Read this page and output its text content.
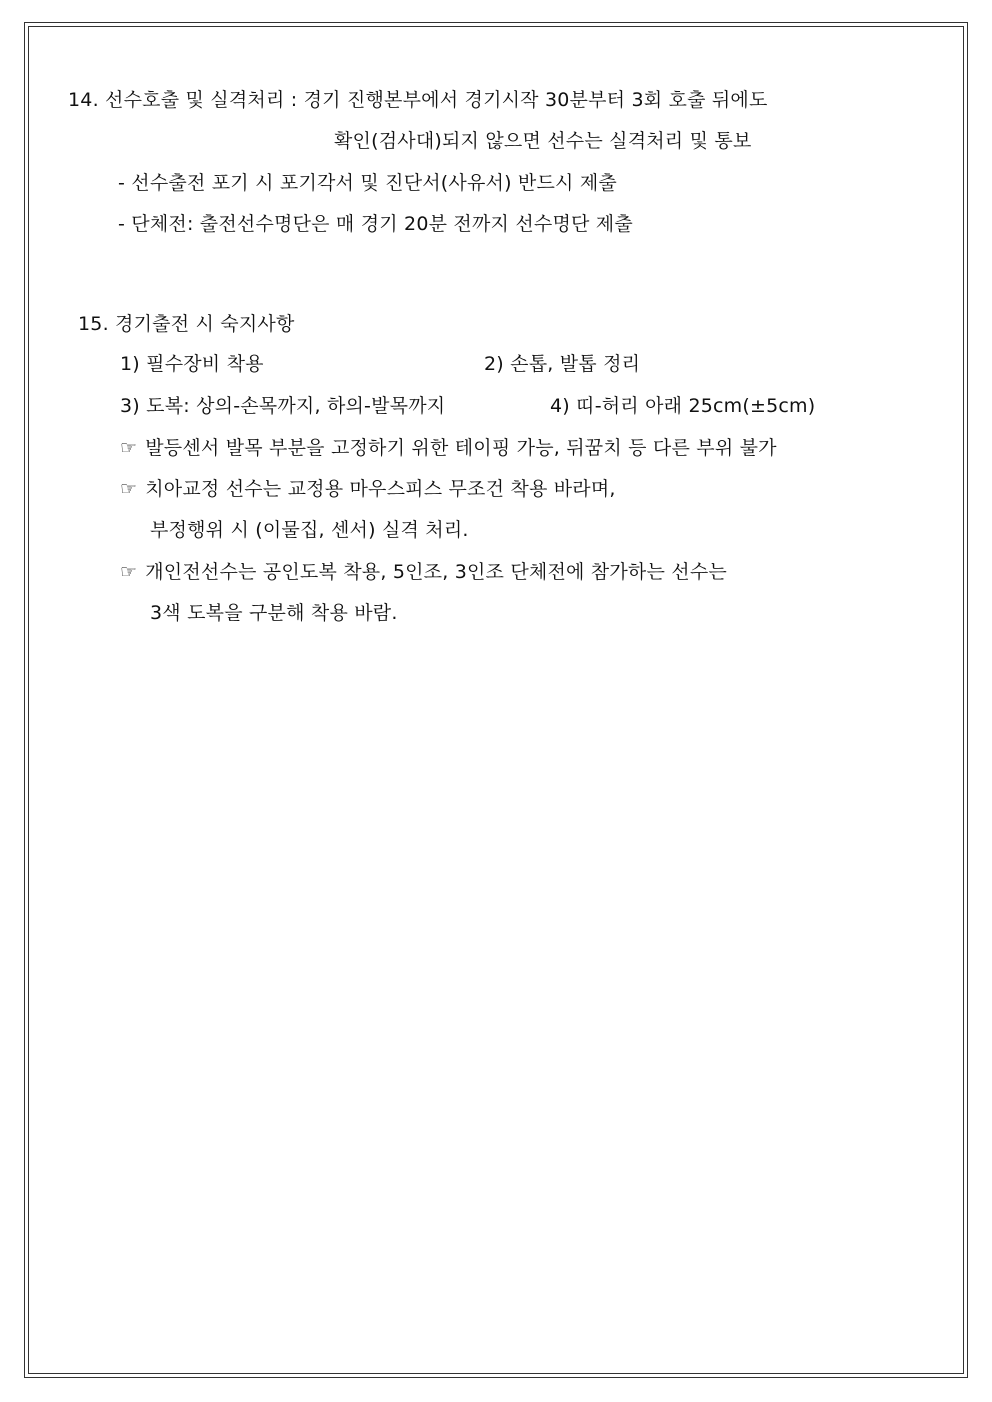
14. 선수호출 및 실격처리 : 경기 진행본부에서 경기시작 30분부터 3회 호출 뒤에도
확인(검사대)되지 않으면 선수는 실격처리 및 통보
- 선수출전 포기 시 포기각서 및 진단서(사유서) 반드시 제출
- 단체전: 출전선수명단은 매 경기 20분 전까지 선수명단 제출
15. 경기출전 시 숙지사항
1) 필수장비 착용	2) 손톱, 발톱 정리
3) 도복: 상의-손목까지, 하의-발목까지	4) 띠-허리 아래 25cm(±5cm)
☞ 발등센서 발목 부분을 고정하기 위한 테이핑 가능, 뒤꿈치 등 다른 부위 불가
☞ 치아교정 선수는 교정용 마우스피스 무조건 착용 바라며,
부정행위 시 (이물집, 센서) 실격 처리.
☞ 개인전선수는 공인도복 착용, 5인조, 3인조 단체전에 참가하는 선수는
3색 도복을 구분해 착용 바람.
